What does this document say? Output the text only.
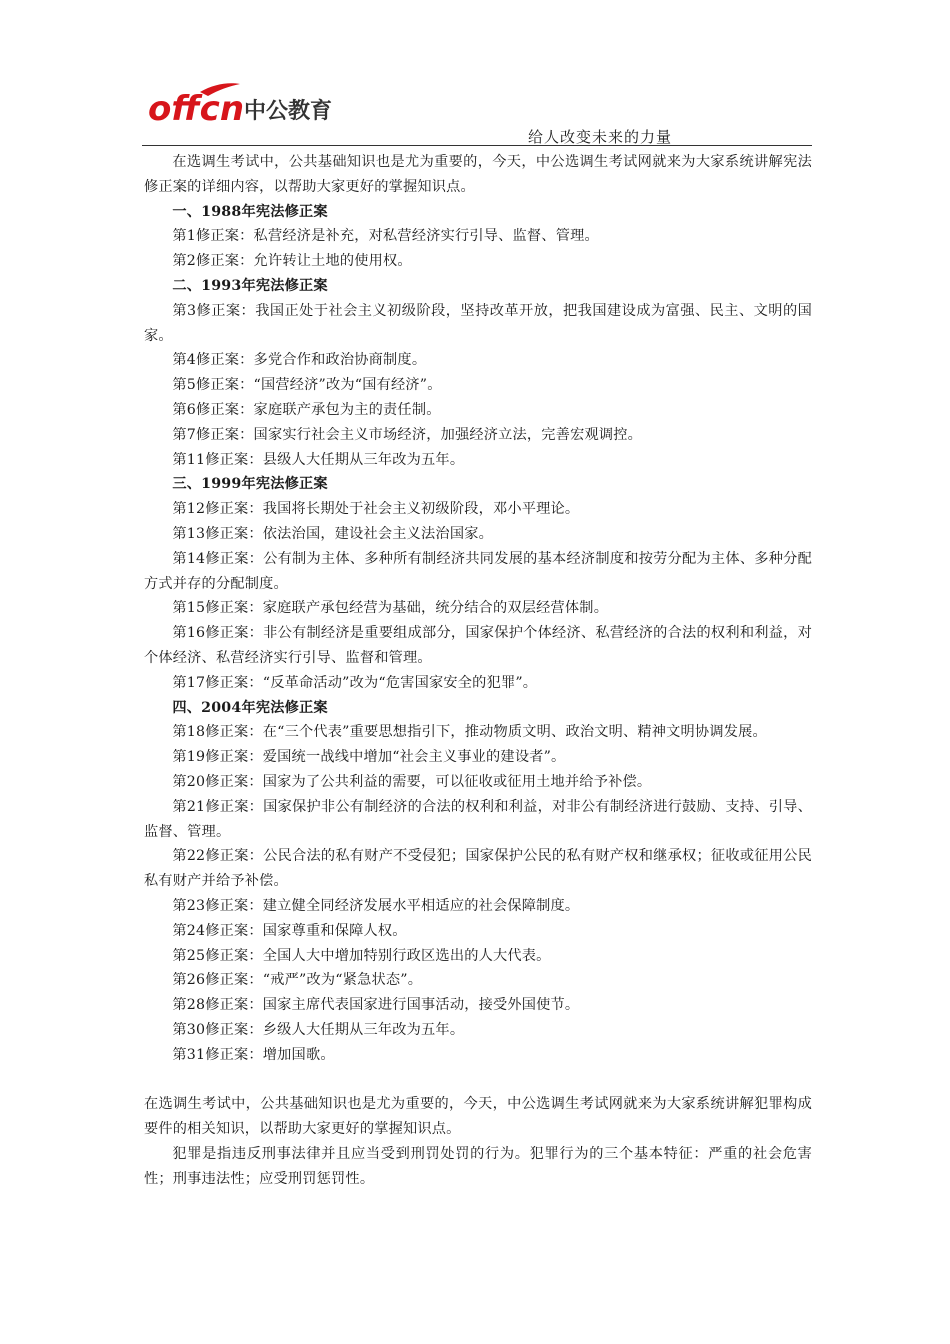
offcn 中公教育
给人改变未来的力量

在选调生考试中，公共基础知识也是尤为重要的，今天，中公选调生考试网就来为大家系统讲解宪法修正案的详细内容，以帮助大家更好的掌握知识点。

一、1988年宪法修正案

第1修正案：私营经济是补充，对私营经济实行引导、监督、管理。

第2修正案：允许转让土地的使用权。

二、1993年宪法修正案

第3修正案：我国正处于社会主义初级阶段，坚持改革开放，把我国建设成为富强、民主、文明的国家。

第4修正案：多党合作和政治协商制度。

第5修正案：“国营经济”改为“国有经济”。

第6修正案：家庭联产承包为主的责任制。

第7修正案：国家实行社会主义市场经济，加强经济立法，完善宏观调控。

第11修正案：县级人大任期从三年改为五年。

三、1999年宪法修正案

第12修正案：我国将长期处于社会主义初级阶段，邓小平理论。

第13修正案：依法治国，建设社会主义法治国家。

第14修正案：公有制为主体、多种所有制经济共同发展的基本经济制度和按劳分配为主体、多种分配方式并存的分配制度。

第15修正案：家庭联产承包经营为基础，统分结合的双层经营体制。

第16修正案：非公有制经济是重要组成部分，国家保护个体经济、私营经济的合法的权利和利益，对个体经济、私营经济实行引导、监督和管理。

第17修正案：“反革命活动”改为“危害国家安全的犯罪”。

四、2004年宪法修正案

第18修正案：在“三个代表”重要思想指引下，推动物质文明、政治文明、精神文明协调发展。

第19修正案：爱国统一战线中增加“社会主义事业的建设者”。

第20修正案：国家为了公共利益的需要，可以征收或征用土地并给予补偿。

第21修正案：国家保护非公有制经济的合法的权利和利益，对非公有制经济进行鼓励、支持、引导、监督、管理。

第22修正案：公民合法的私有财产不受侵犯；国家保护公民的私有财产权和继承权；征收或征用公民私有财产并给予补偿。

第23修正案：建立健全同经济发展水平相适应的社会保障制度。

第24修正案：国家尊重和保障人权。

第25修正案：全国人大中增加特别行政区选出的人大代表。

第26修正案：“戒严”改为“紧急状态”。

第28修正案：国家主席代表国家进行国事活动，接受外国使节。

第30修正案：乡级人大任期从三年改为五年。

第31修正案：增加国歌。

在选调生考试中，公共基础知识也是尤为重要的，今天，中公选调生考试网就来为大家系统讲解犯罪构成要件的相关知识，以帮助大家更好的掌握知识点。

犯罪是指违反刑事法律并且应当受到刑罚处罚的行为。犯罪行为的三个基本特征：严重的社会危害性；刑事违法性；应受刑罚惩罚性。
